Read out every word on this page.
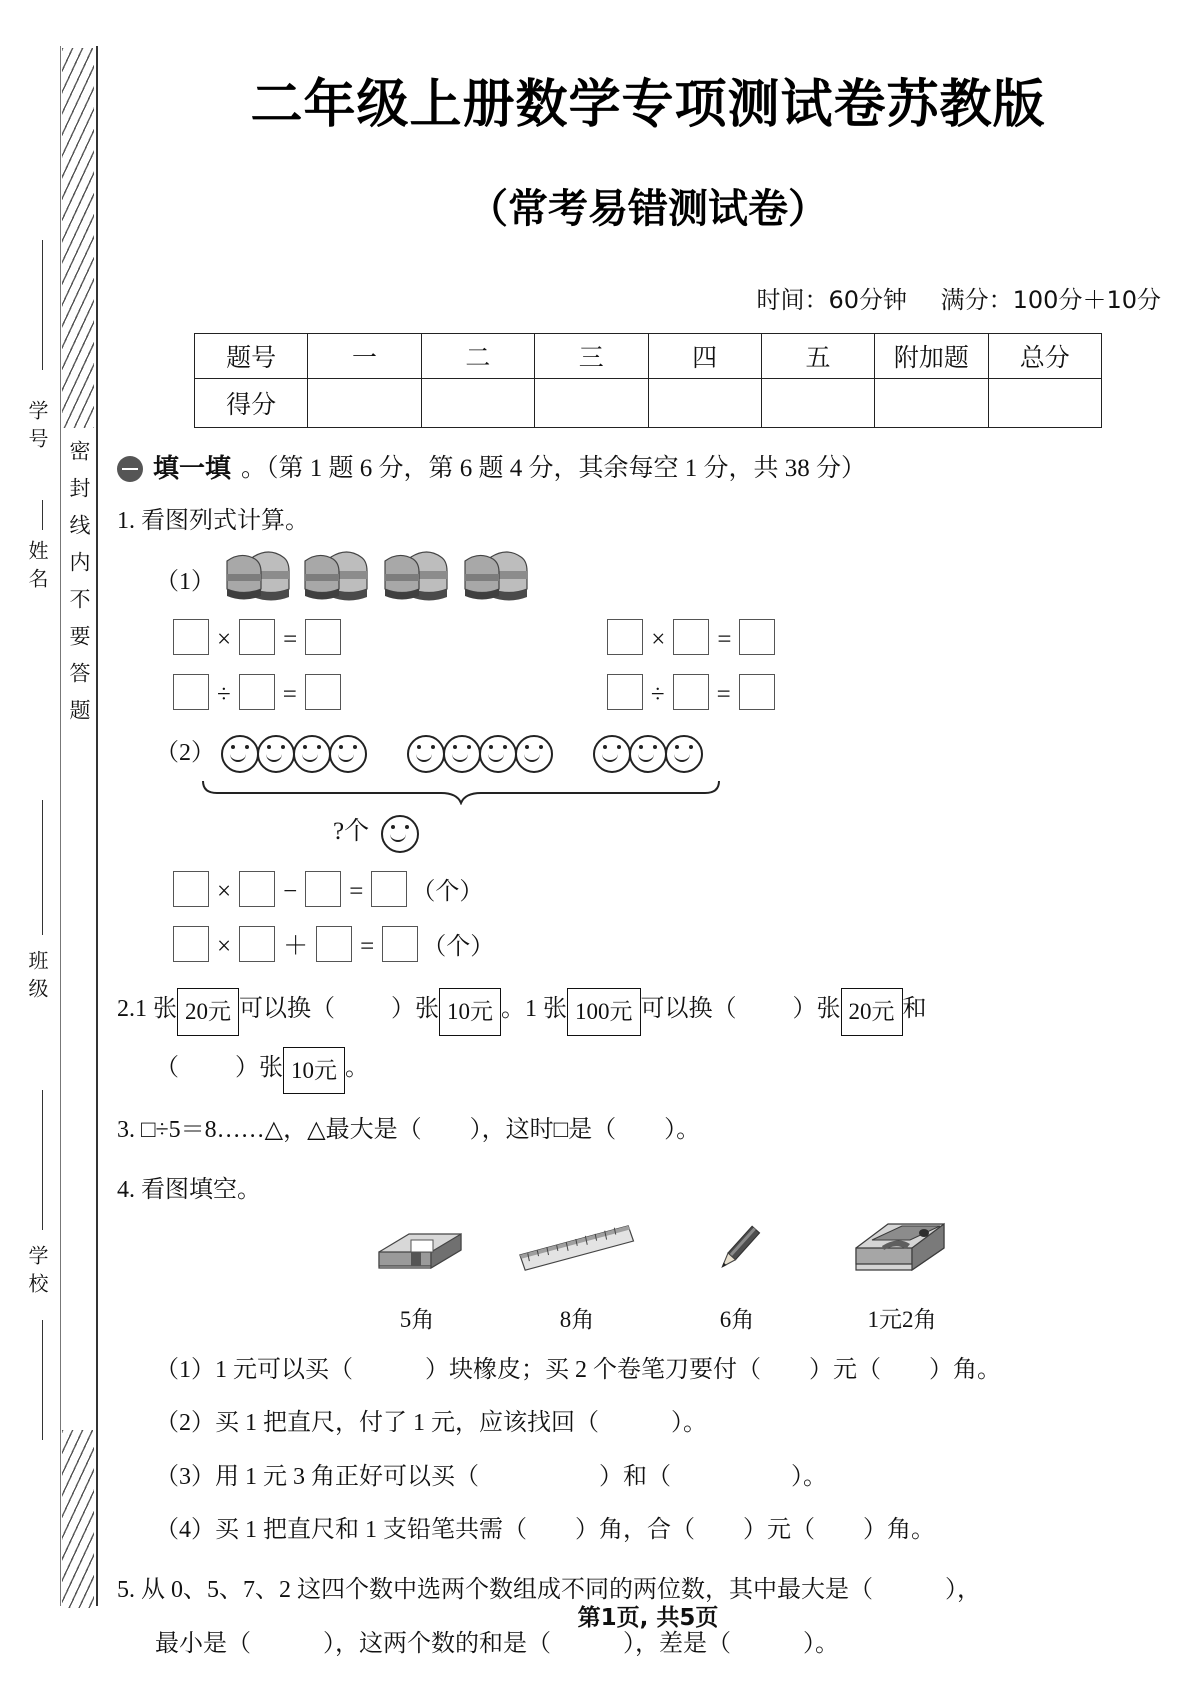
密封线内不要答题
学号
姓名
班级
学校
二年级上册数学专项测试卷苏教版
（常考易错测试卷）
时间：60分钟 满分：100分＋10分
题号	一	二	三	四	五	附加题	总分
得分							
填一填 。（第 1 题 6 分，第 6 题 4 分，其余每空 1 分，共 38 分）
1. 看图列式计算。
（1）
× =	× =
÷ =	÷ =
（2）

?个
× − = （个）
× ＋ = （个）
2.1 张 20元 可以换（ ）张 10元 。1 张 100元 可以换（ ）张 20元 和
（ ）张 10元 。
3. □÷5＝8……△，△最大是（　　），这时□是（　　）。
4. 看图填空。
5角	8角	6角	1元2角
（1）1 元可以买（　　　）块橡皮；买 2 个卷笔刀要付（　　）元（　　）角。
（2）买 1 把直尺，付了 1 元，应该找回（　　　）。
（3）用 1 元 3 角正好可以买（　　　　　）和（　　　　　）。
（4）买 1 把直尺和 1 支铅笔共需（　　）角，合（　　）元（　　）角。
5. 从 0、5、7、2 这四个数中选两个数组成不同的两位数，其中最大是（　　　），
最小是（　　　），这两个数的和是（　　　），差是（　　　）。
第1页, 共5页
